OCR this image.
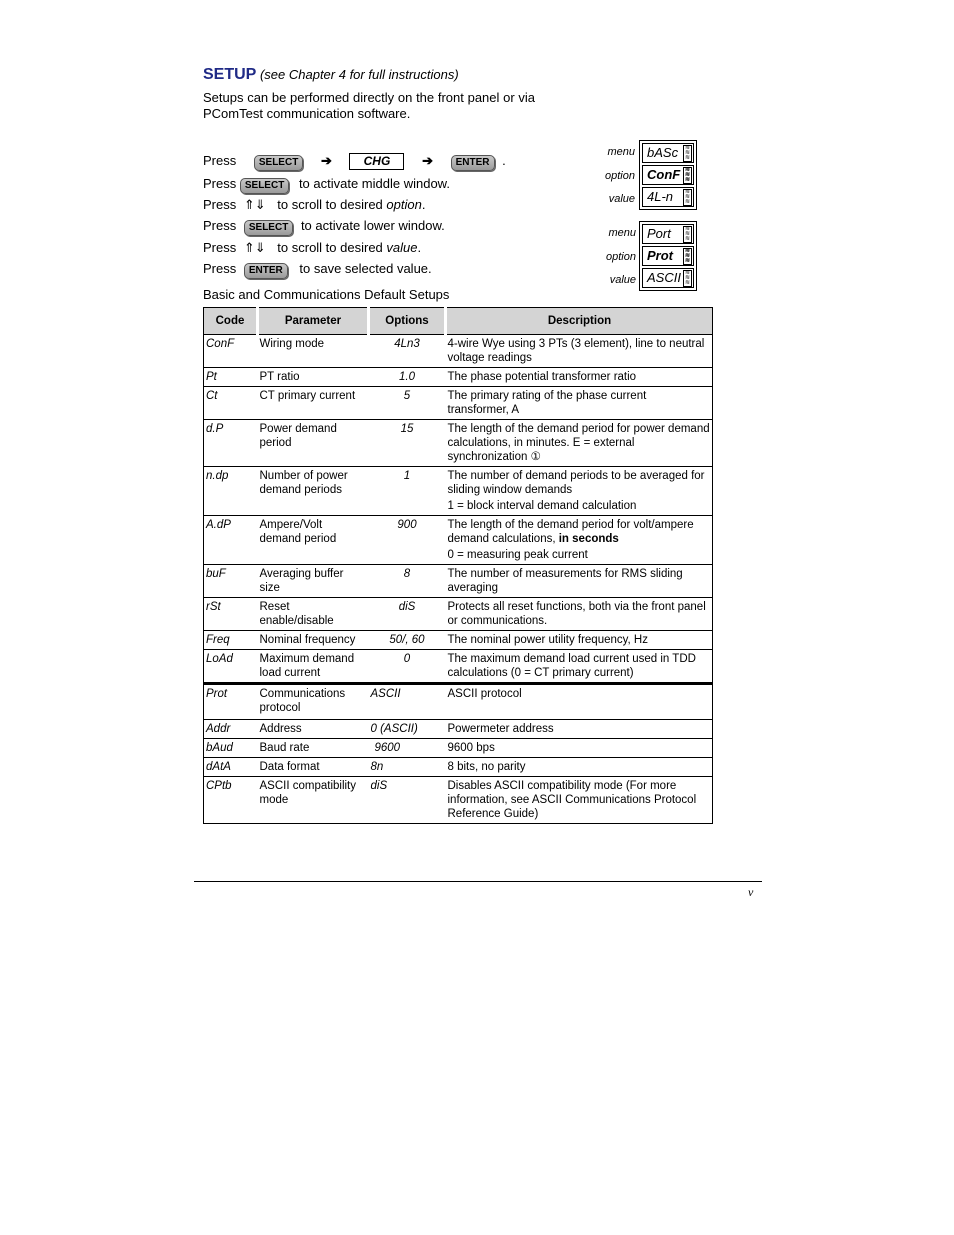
SETUP (see Chapter 4 for full instructions)
Setups can be performed directly on the front panel or via PComTest communication software.
Press SELECT ➔	CHG ➔ ENTER .
Press SELECT to activate middle window.
Press ⇑⇓ to scroll to desired option.
Press SELECT to activate lower window.
Press ⇑⇓ to scroll to desired value.
Press ENTER to save selected value.
menu
option
value
bASc	≋
≋
≋
ConF ≋
≋
≋
4L-n	≋
≋
≋
menu
option
value
Port	≋
≋
≋
Prot	≋
≋
≋
ASCII ≋
≋
≋
Basic and Communications Default Setups
Code	Parameter	Options	Description
ConF	Wiring mode	4Ln3	4-wire Wye using 3 PTs (3 element), line to neutral voltage readings

Pt	PT ratio	1.0	The phase potential transformer ratio

Ct	CT primary current	5	The primary rating of the phase current transformer, A

d.P	Power demand period	15	The length of the demand period for power demand calculations, in minutes. E = external synchronization ①

n.dp	Number of power demand periods	1	The number of demand periods to be averaged for sliding window demands

1 = block interval demand calculation

A.dP	Ampere/Volt demand period	900	The length of the demand period for volt/ampere demand calculations, in seconds

0 = measuring peak current

buF	Averaging buffer size	8	The number of measurements for RMS sliding averaging

rSt	Reset enable/disable	diS	Protects all reset functions, both via the front panel or communications.

Freq	Nominal frequency	50/, 60	The nominal power utility frequency, Hz

LoAd	Maximum demand load current	0	The maximum demand load current used in TDD calculations (0 = CT primary current)

Prot	Communications protocol	ASCII	ASCII protocol

Addr	Address	0 (ASCII)	Powermeter address

bAud	Baud rate	9600	9600 bps

dAtA	Data format	8n	8 bits, no parity

CPtb	ASCII compatibility mode	diS	Disables ASCII compatibility mode (For more information, see ASCII Communications Protocol Reference Guide)

v
